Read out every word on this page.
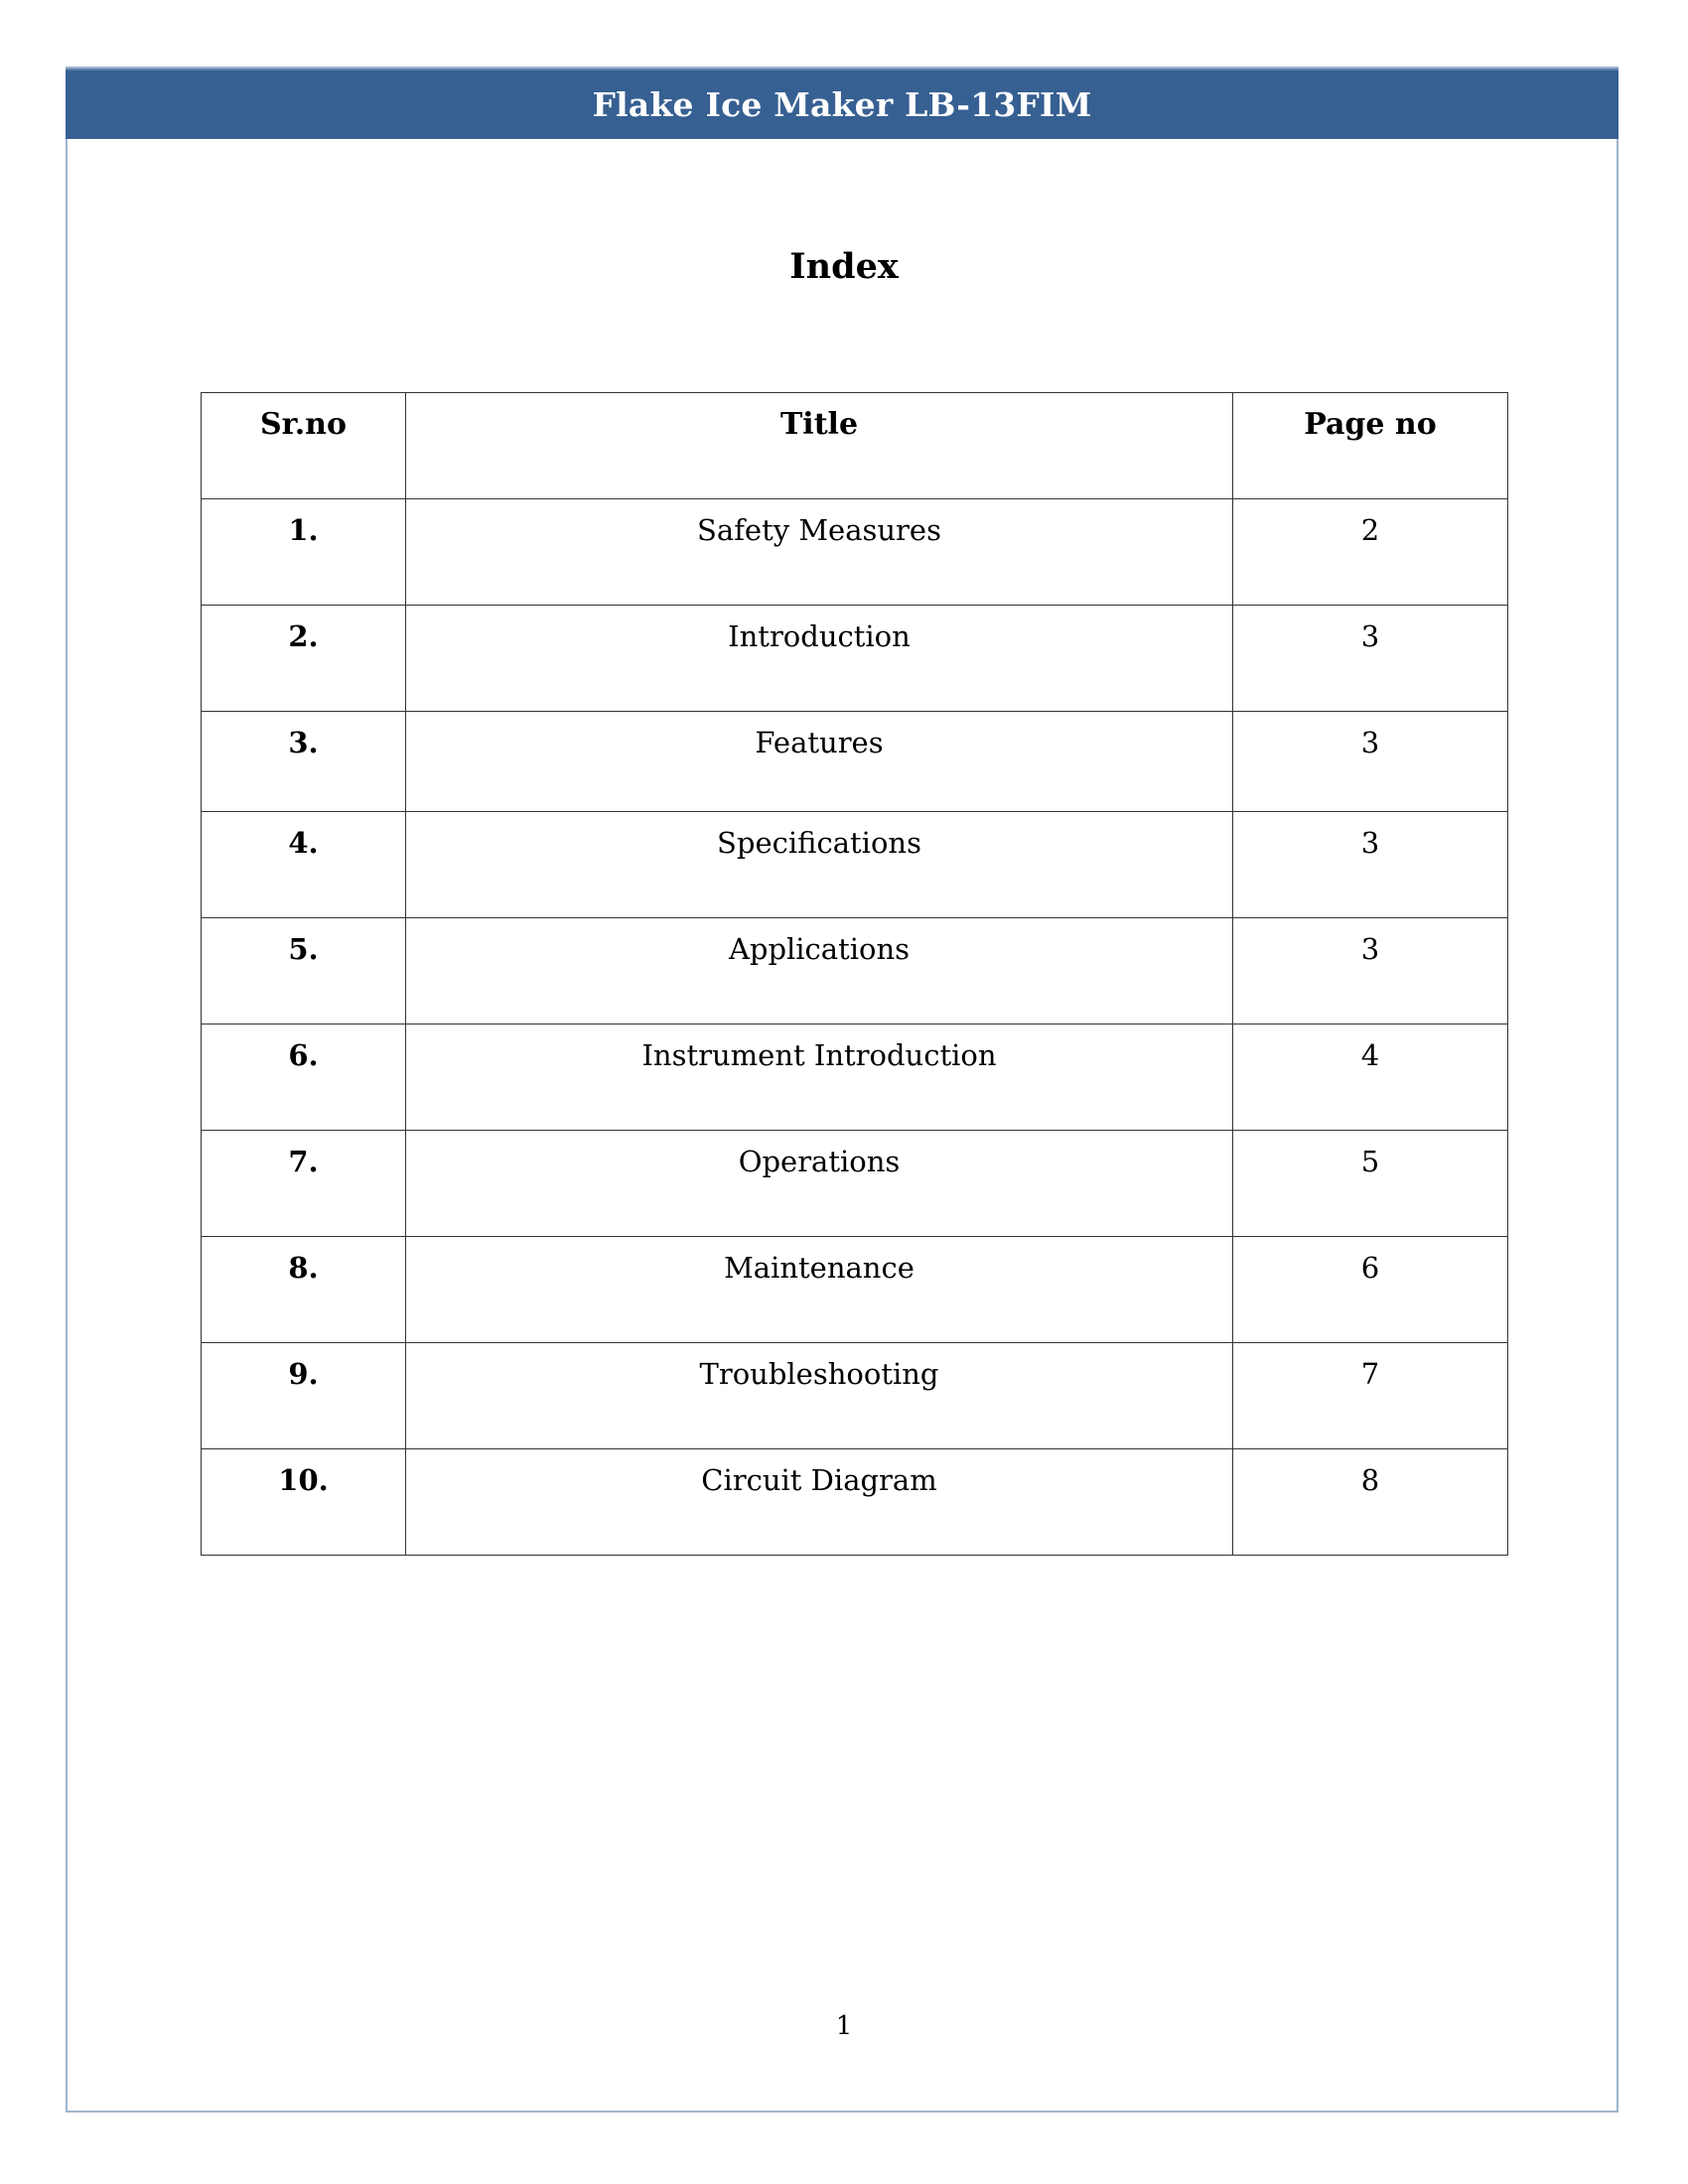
Flake Ice Maker LB-13FIM
Index
Sr.no	Title	Page no
1.	Safety Measures	2
2.	Introduction	3
3.	Features	3
4.	Specifications	3
5.	Applications	3
6.	Instrument Introduction	4
7.	Operations	5
8.	Maintenance	6
9.	Troubleshooting	7
10.	Circuit Diagram	8
1
